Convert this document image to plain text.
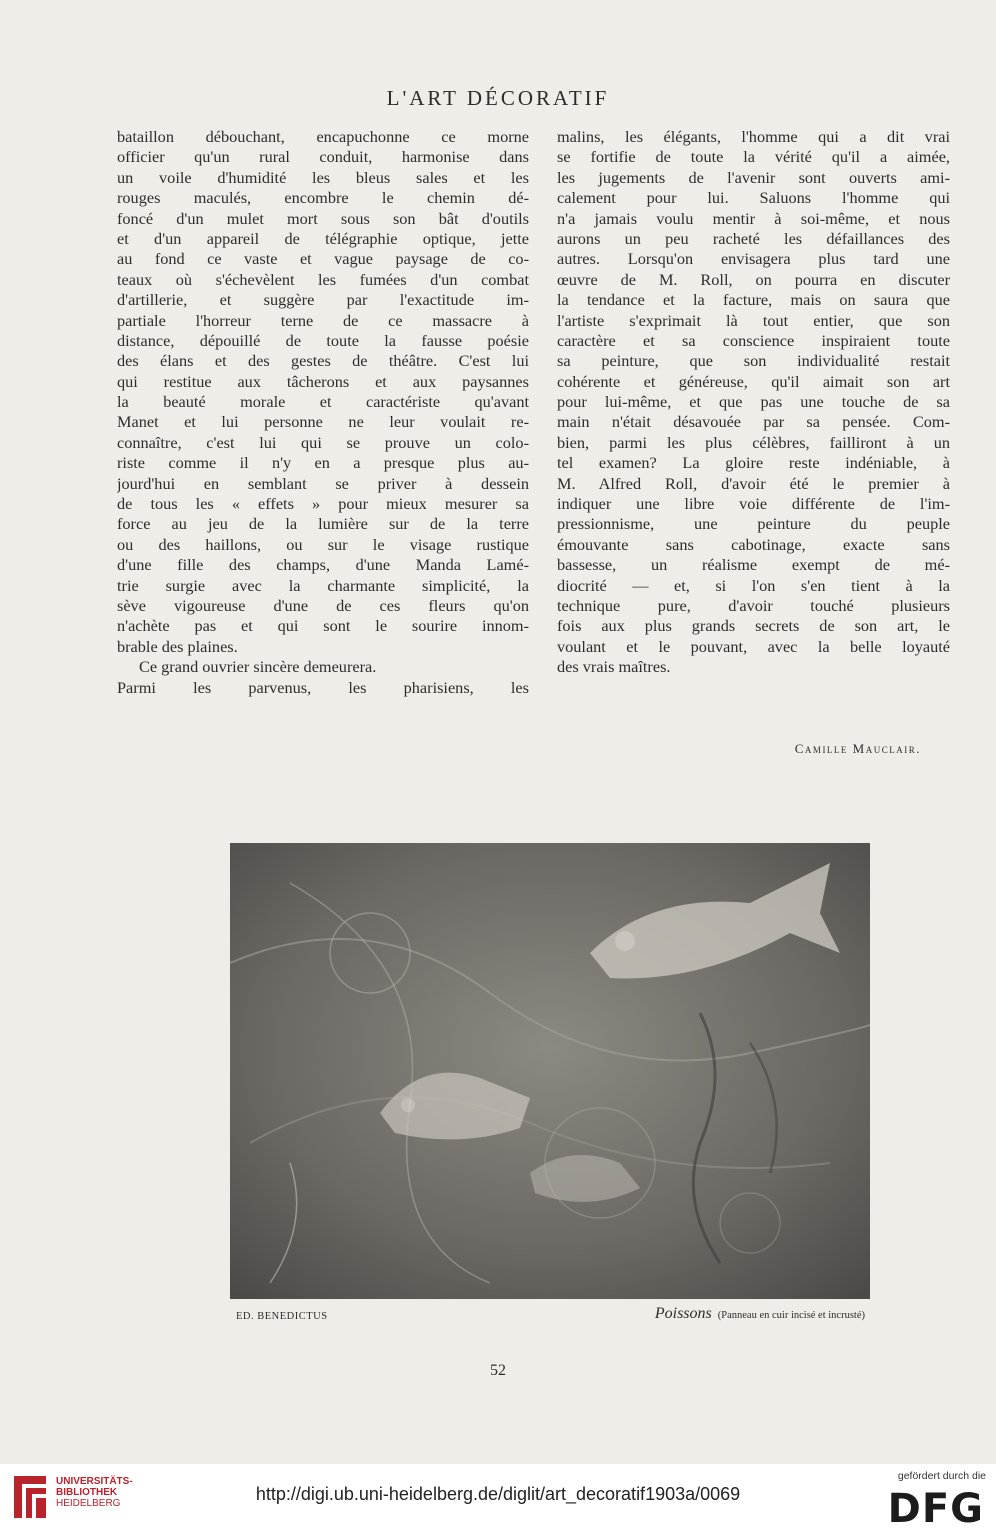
L'ART DÉCORATIF
bataillon débouchant, encapuchonne ce morne
officier qu'un rural conduit, harmonise dans
un voile d'humidité les bleus sales et les
rouges maculés, encombre le chemin dé-
foncé d'un mulet mort sous son bât d'outils
et d'un appareil de télégraphie optique, jette
au fond ce vaste et vague paysage de co-
teaux où s'échevèlent les fumées d'un combat
d'artillerie, et suggère par l'exactitude im-
partiale l'horreur terne de ce massacre à
distance, dépouillé de toute la fausse poésie
des élans et des gestes de théâtre. C'est lui
qui restitue aux tâcherons et aux paysannes
la beauté morale et caractériste qu'avant
Manet et lui personne ne leur voulait re-
connaître, c'est lui qui se prouve un colo-
riste comme il n'y en a presque plus au-
jourd'hui en semblant se priver à dessein
de tous les « effets » pour mieux mesurer sa
force au jeu de la lumière sur de la terre
ou des haillons, ou sur le visage rustique
d'une fille des champs, d'une Manda Lamé-
trie surgie avec la charmante simplicité, la
sève vigoureuse d'une de ces fleurs qu'on
n'achète pas et qui sont le sourire innom-
brable des plaines.
Ce grand ouvrier sincère demeurera.
Parmi les parvenus, les pharisiens, les
malins, les élégants, l'homme qui a dit vrai
se fortifie de toute la vérité qu'il a aimée,
les jugements de l'avenir sont ouverts ami-
calement pour lui. Saluons l'homme qui
n'a jamais voulu mentir à soi-même, et nous
aurons un peu racheté les défaillances des
autres. Lorsqu'on envisagera plus tard une
œuvre de M. Roll, on pourra en discuter
la tendance et la facture, mais on saura que
l'artiste s'exprimait là tout entier, que son
caractère et sa conscience inspiraient toute
sa peinture, que son individualité restait
cohérente et généreuse, qu'il aimait son art
pour lui-même, et que pas une touche de sa
main n'était désavouée par sa pensée. Com-
bien, parmi les plus célèbres, failliront à un
tel examen? La gloire reste indéniable, à
M. Alfred Roll, d'avoir été le premier à
indiquer une libre voie différente de l'im-
pressionnisme, une peinture du peuple
émouvante sans cabotinage, exacte sans
bassesse, un réalisme exempt de mé-
diocrité — et, si l'on s'en tient à la
technique pure, d'avoir touché plusieurs
fois aux plus grands secrets de son art, le
voulant et le pouvant, avec la belle loyauté
des vrais maîtres.
Camille Mauclair.
ED. BENEDICTUS	Poissons (Panneau en cuir incisé et incrusté)
52
UNIVERSITÄTS-
BIBLIOTHEK
HEIDELBERG	http://digi.ub.uni-heidelberg.de/diglit/art_decoratif1903a/0069
gefördert durch die
DFG
